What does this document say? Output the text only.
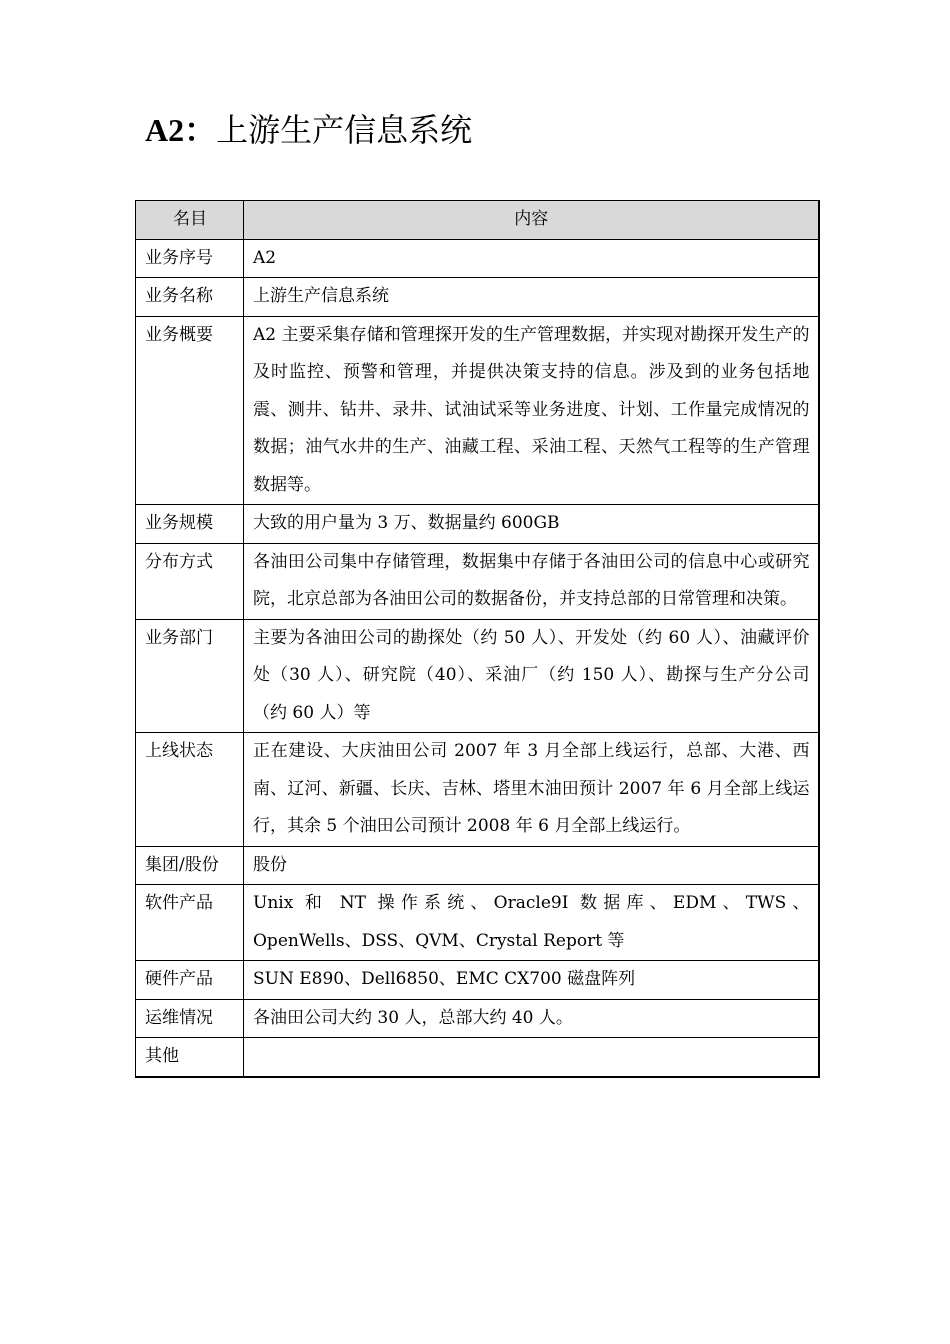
A2：上游生产信息系统
名目	内容
业务序号	A2
业务名称	上游生产信息系统
业务概要	A2 主要采集存储和管理探开发的生产管理数据，并实现对勘探开发生产的及时监控、预警和管理，并提供决策支持的信息。涉及到的业务包括地震、测井、钻井、录井、试油试采等业务进度、计划、工作量完成情况的数据；油气水井的生产、油藏工程、采油工程、天然气工程等的生产管理数据等。
业务规模	大致的用户量为 3 万、数据量约 600GB
分布方式	各油田公司集中存储管理，数据集中存储于各油田公司的信息中心或研究院，北京总部为各油田公司的数据备份，并支持总部的日常管理和决策。
业务部门	主要为各油田公司的勘探处（约 50 人）、开发处（约 60 人）、油藏评价处（30 人）、研究院（40）、采油厂（约 150 人）、勘探与生产分公司（约 60 人）等
上线状态	正在建设、大庆油田公司 2007 年 3 月全部上线运行，总部、大港、西南、辽河、新疆、长庆、吉林、塔里木油田预计 2007 年 6 月全部上线运行，其余 5 个油田公司预计 2008 年 6 月全部上线运行。
集团/股份	股份
软件产品	Unix 和 NT 操作系统、Oracle9I 数据库、EDM、TWS、OpenWells、DSS、QVM、Crystal Report 等
硬件产品	SUN E890、Dell6850、EMC CX700 磁盘阵列
运维情况	各油田公司大约 30 人，总部大约 40 人。
其他	
